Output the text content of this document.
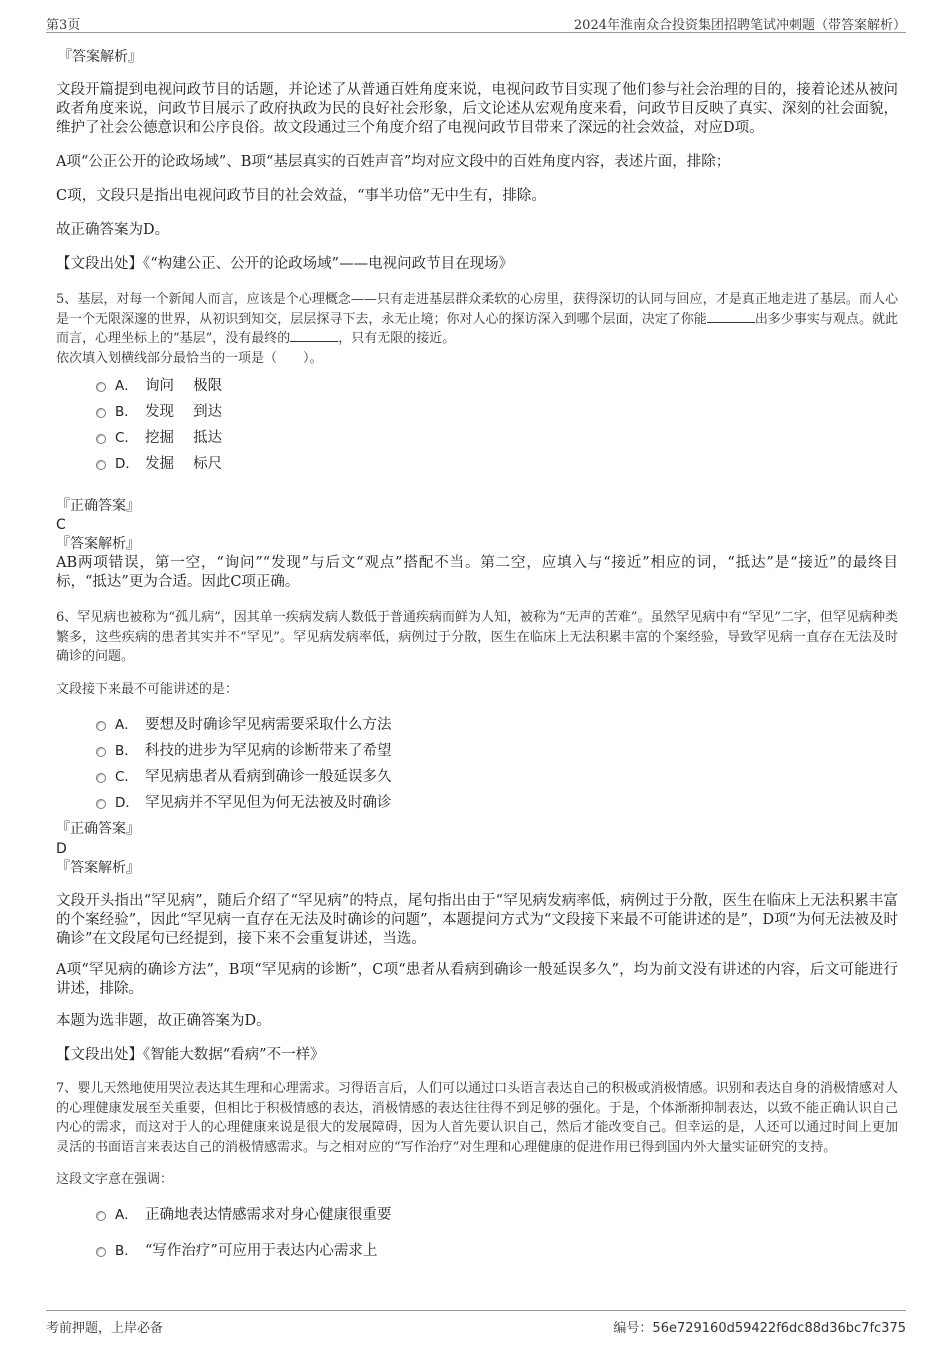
第3页	2024年淮南众合投资集团招聘笔试冲刺题（带答案解析）

『答案解析』

文段开篇提到电视问政节目的话题，并论述了从普通百姓角度来说，电视问政节目实现了他们参与社会治理的目的，接着论述从被问政者角度来说，问政节目展示了政府执政为民的良好社会形象，后文论述从宏观角度来看，问政节目反映了真实、深刻的社会面貌，维护了社会公德意识和公序良俗。故文段通过三个角度介绍了电视问政节目带来了深远的社会效益，对应D项。

A项“公正公开的论政场域”、B项“基层真实的百姓声音”均对应文段中的百姓角度内容，表述片面，排除；

C项，文段只是指出电视问政节目的社会效益，“事半功倍”无中生有，排除。

故正确答案为D。

【文段出处】《“构建公正、公开的论政场域”——电视问政节目在现场》

5、基层，对每一个新闻人而言，应该是个心理概念——只有走进基层群众柔软的心房里，获得深切的认同与回应，才是真正地走进了基层。而人心是一个无限深邃的世界，从初识到知交，层层探寻下去，永无止境；你对人心的探访深入到哪个层面，决定了你能	出多少事实与观点。就此而言，心理坐标上的“基层”，没有最终的	，只有无限的接近。

依次填入划横线部分最恰当的一项是（　　）。

A． 询问　 极限
B． 发现　 到达
C． 挖掘　 抵达
D． 发掘　 标尺

『正确答案』

C

『答案解析』

AB两项错误，第一空，“询问”“发现”与后文“观点”搭配不当。第二空，应填入与“接近”相应的词，“抵达”是“接近”的最终目标，“抵达”更为合适。因此C项正确。

6、罕见病也被称为“孤儿病”，因其单一疾病发病人数低于普通疾病而鲜为人知，被称为“无声的苦难”。虽然罕见病中有“罕见”二字，但罕见病种类繁多，这些疾病的患者其实并不“罕见”。罕见病发病率低，病例过于分散，医生在临床上无法积累丰富的个案经验，导致罕见病一直存在无法及时确诊的问题。

文段接下来最不可能讲述的是：

A． 要想及时确诊罕见病需要采取什么方法
B． 科技的进步为罕见病的诊断带来了希望
C． 罕见病患者从看病到确诊一般延误多久
D． 罕见病并不罕见但为何无法被及时确诊

『正确答案』

D

『答案解析』

文段开头指出“罕见病”，随后介绍了“罕见病”的特点，尾句指出由于“罕见病发病率低，病例过于分散，医生在临床上无法积累丰富的个案经验”，因此“罕见病一直存在无法及时确诊的问题”，本题提问方式为“文段接下来最不可能讲述的是”，D项“为何无法被及时确诊”在文段尾句已经提到，接下来不会重复讲述，当选。

A项“罕见病的确诊方法”，B项“罕见病的诊断”，C项“患者从看病到确诊一般延误多久”，均为前文没有讲述的内容，后文可能进行讲述，排除。

本题为选非题，故正确答案为D。

【文段出处】《智能大数据“看病”不一样》

7、婴儿天然地使用哭泣表达其生理和心理需求。习得语言后，人们可以通过口头语言表达自己的积极或消极情感。识别和表达自身的消极情感对人的心理健康发展至关重要，但相比于积极情感的表达，消极情感的表达往往得不到足够的强化。于是，个体渐渐抑制表达，以致不能正确认识自己内心的需求，而这对于人的心理健康来说是很大的发展障碍，因为人首先要认识自己，然后才能改变自己。但幸运的是，人还可以通过时间上更加灵活的书面语言来表达自己的消极情感需求。与之相对应的“写作治疗”对生理和心理健康的促进作用已得到国内外大量实证研究的支持。

这段文字意在强调：

A． 正确地表达情感需求对身心健康很重要
B． “写作治疗”可应用于表达内心需求上
考前押题，上岸必备	编号：56e729160d59422f6dc88d36bc7fc375
